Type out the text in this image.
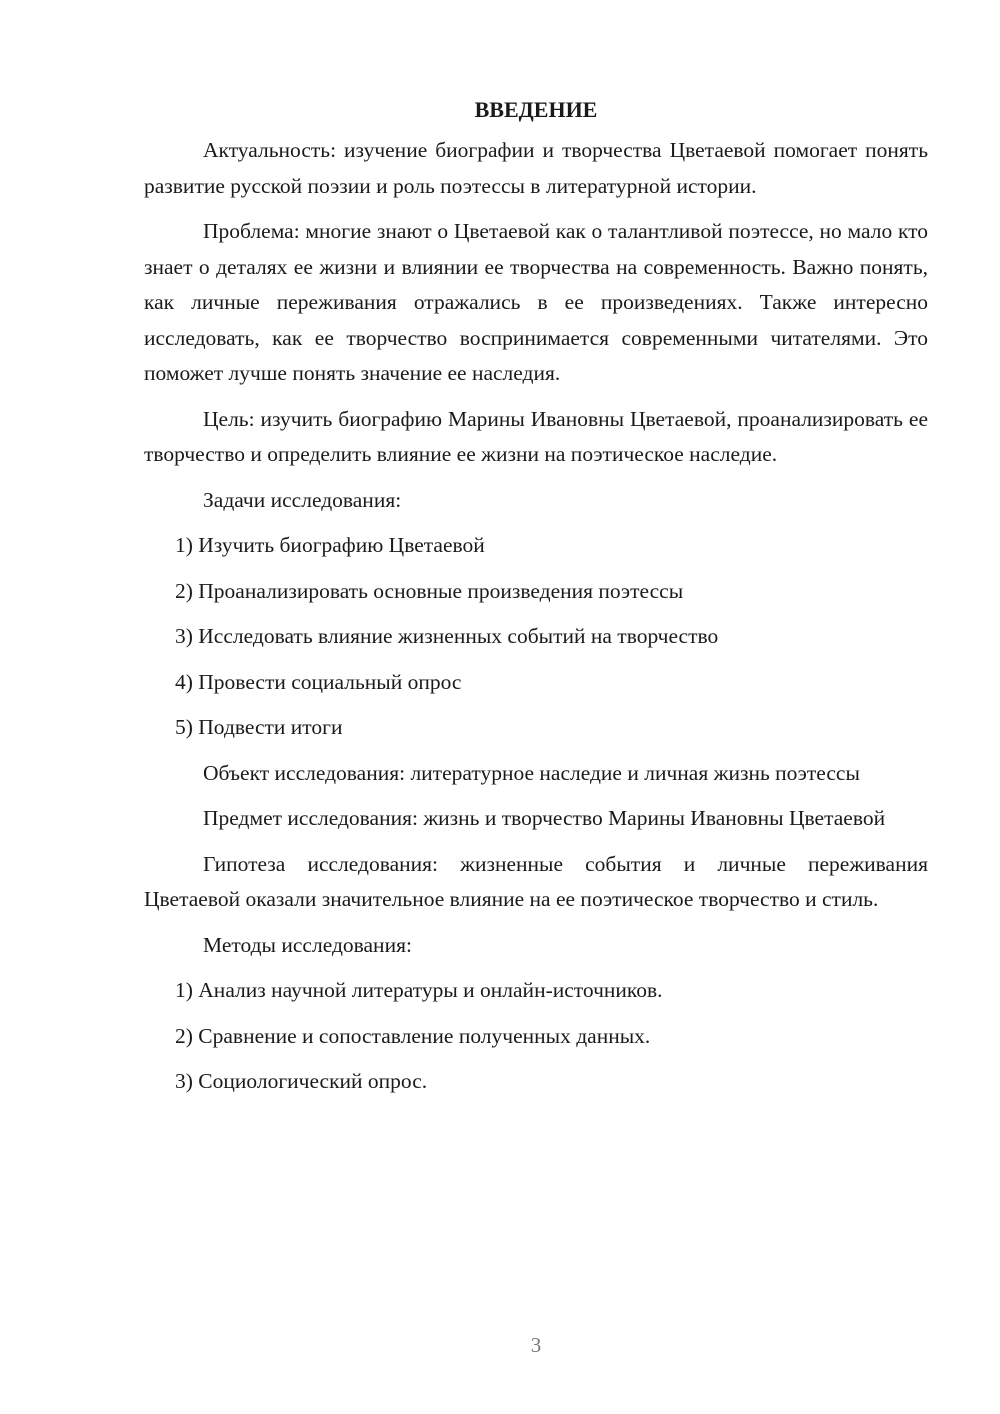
ВВЕДЕНИЕ

Актуальность: изучение биографии и творчества Цветаевой помогает понять развитие русской поэзии и роль поэтессы в литературной истории.

Проблема: многие знают о Цветаевой как о талантливой поэтессе, но мало кто знает о деталях ее жизни и влиянии ее творчества на современность. Важно понять, как личные переживания отражались в ее произведениях. Также интересно исследовать, как ее творчество воспринимается современными читателями. Это поможет лучше понять значение ее наследия.

Цель: изучить биографию Марины Ивановны Цветаевой, проанализировать ее творчество и определить влияние ее жизни на поэтическое наследие.

Задачи исследования:

1) Изучить биографию Цветаевой
2) Проанализировать основные произведения поэтессы
3) Исследовать влияние жизненных событий на творчество
4) Провести социальный опрос
5) Подвести итоги

Объект исследования: литературное наследие и личная жизнь поэтессы

Предмет исследования: жизнь и творчество Марины Ивановны Цветаевой

Гипотеза исследования: жизненные события и личные переживания Цветаевой оказали значительное влияние на ее поэтическое творчество и стиль.

Методы исследования:

1) Анализ научной литературы и онлайн-источников.
2) Сравнение и сопоставление полученных данных.
3) Социологический опрос.
3
